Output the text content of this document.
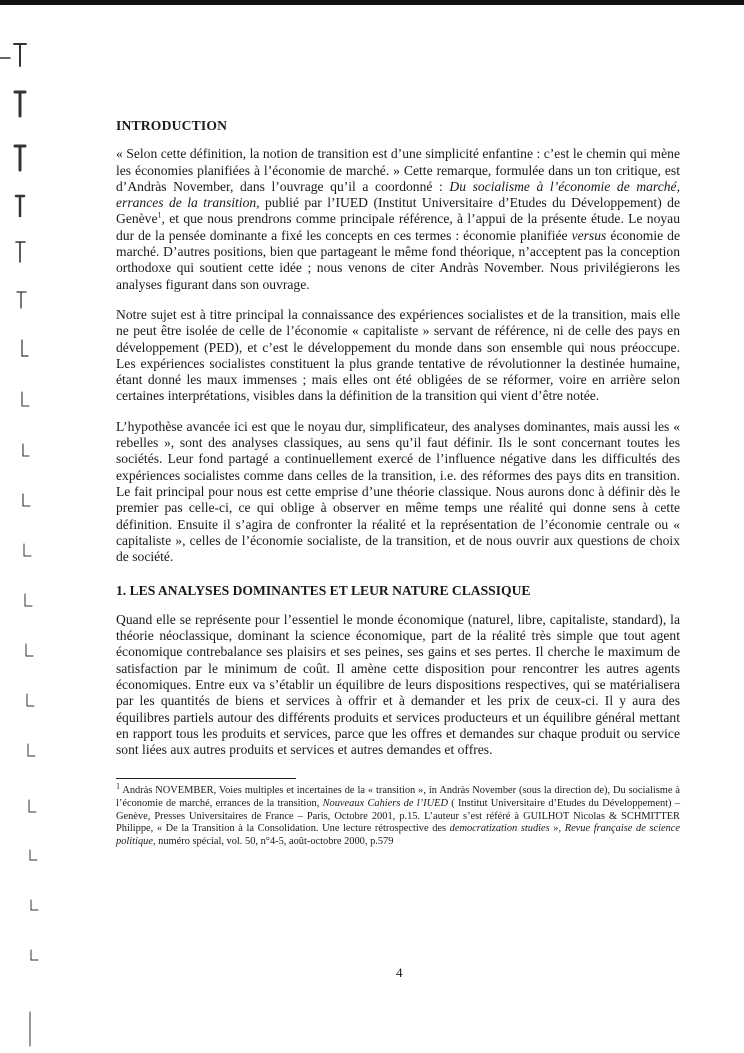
INTRODUCTION

« Selon cette définition, la notion de transition est d’une simplicité enfantine : c’est le chemin qui mène les économies planifiées à l’économie de marché. » Cette remarque, formulée dans un ton critique, est d’Andràs November, dans l’ouvrage qu’il a coordonné : Du socialisme à l’économie de marché, errances de la transition, publié par l’IUED (Institut Universitaire d’Etudes du Développement) de Genève$^1$, et que nous prendrons comme principale référence, à l’appui de la présente étude. Le noyau dur de la pensée dominante a fixé les concepts en ces termes : économie planifiée versus économie de marché. D’autres positions, bien que partageant le même fond théorique, n’acceptent pas la conception orthodoxe qui soutient cette idée ; nous venons de citer Andràs November. Nous privilégierons les analyses figurant dans son ouvrage.

Notre sujet est à titre principal la connaissance des expériences socialistes et de la transition, mais elle ne peut être isolée de celle de l’économie « capitaliste » servant de référence, ni de celle des pays en développement (PED), et c’est le développement du monde dans son ensemble qui nous préoccupe. Les expériences socialistes constituent la plus grande tentative de révolutionner la destinée humaine, étant donné les maux immenses ; mais elles ont été obligées de se réformer, voire en arrière selon certaines interprétations, visibles dans la définition de la transition qui vient d’être notée.

L’hypothèse avancée ici est que le noyau dur, simplificateur, des analyses dominantes, mais aussi les « rebelles », sont des analyses classiques, au sens qu’il faut définir. Ils le sont concernant toutes les sociétés. Leur fond partagé a continuellement exercé de l’influence négative dans les difficultés des expériences socialistes comme dans celles de la transition, i.e. des réformes des pays dits en transition. Le fait principal pour nous est cette emprise d’une théorie classique. Nous aurons donc à définir dès le premier pas celle-ci, ce qui oblige à observer en même temps une réalité qui donne sens à cette définition. Ensuite il s’agira de confronter la réalité et la représentation de l’économie centrale ou « capitaliste », celles de l’économie socialiste, de la transition, et de nous ouvrir aux questions de choix de société.

1. LES ANALYSES DOMINANTES ET LEUR NATURE CLASSIQUE

Quand elle se représente pour l’essentiel le monde économique (naturel, libre, capitaliste, standard), la théorie néoclassique, dominant la science économique, part de la réalité très simple que tout agent économique contrebalance ses plaisirs et ses peines, ses gains et ses pertes. Il cherche le maximum de satisfaction par le minimum de coût. Il amène cette disposition pour rencontrer les autres agents économiques. Entre eux va s’établir un équilibre de leurs dispositions respectives, qui se matérialisera par les quantités de biens et services à offrir et à demander et les prix de ceux-ci. Il y aura des équilibres partiels autour des différents produits et services producteurs et un équilibre général mettant en rapport tous les produits et services, parce que les offres et demandes sur chaque produit ou service sont liées aux autres produits et services et autres demandes et offres.

$^1$ Andràs NOVEMBER, Voies multiples et incertaines de la « transition », in Andràs November (sous la direction de), Du socialisme à l’économie de marché, errances de la transition, Nouveaux Cahiers de l’IUED ( Institut Universitaire d’Etudes du Développement) – Genève, Presses Universitaires de France – Paris, Octobre 2001, p.15. L’auteur s’est référé à GUILHOT Nicolas & SCHMITTER Philippe, « De la Transition à la Consolidation. Une lecture rétrospective des democratization studies », Revue française de science politique, numéro spécial, vol. 50, n°4-5, août-octobre 2000, p.579

4
